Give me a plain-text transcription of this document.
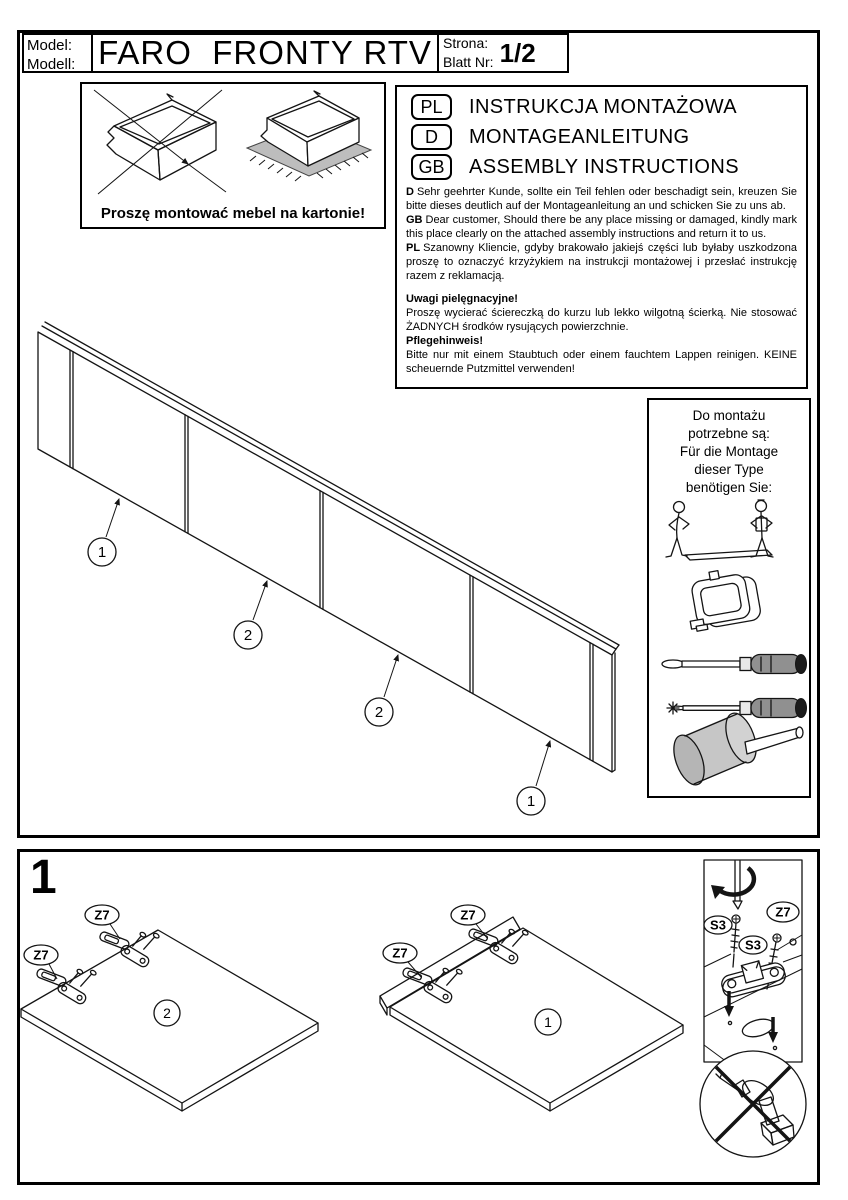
Model:
Modell: FARO  FRONTY RTV Strona:
Blatt Nr: 1/2
Proszę montować mebel na kartonie!
PL	INSTRUKCJA MONTAŻOWA
D	MONTAGEANLEITUNG
GB	ASSEMBLY INSTRUCTIONS

D Sehr geehrter Kunde, sollte ein Teil fehlen oder beschadigt sein, kreuzen Sie bitte dieses deutlich auf der Montageanleitung an und schicken Sie zu uns ab.

GB Dear customer, Should there be any place missing or damaged, kindly mark this place clearly on the attached assembly instructions and return it to us.

PL Szanowny Kliencie, gdyby brakowało jakiejś części lub byłaby uszkodzona proszę to oznaczyć krzyżykiem na instrukcji montażowej i przesłać instrukcję razem z reklamacją.

Uwagi pielęgnacyjne!
Proszę wycierać ściereczką do kurzu lub lekko wilgotną ścierką. Nie stosować ŻADNYCH środków rysujących powierzchnie.
Pflegehinweis!
Bitte nur mit einem Staubtuch oder einem fauchtem Lappen reinigen. KEINE scheuernde Putzmittel verwenden!
Do montażu
potrzebne są:
Für die Montage
dieser Type
benötigen Sie:
1
2
2
1
1
Z7
Z7
2
Z7
Z7
1
Z7
S3
S3
